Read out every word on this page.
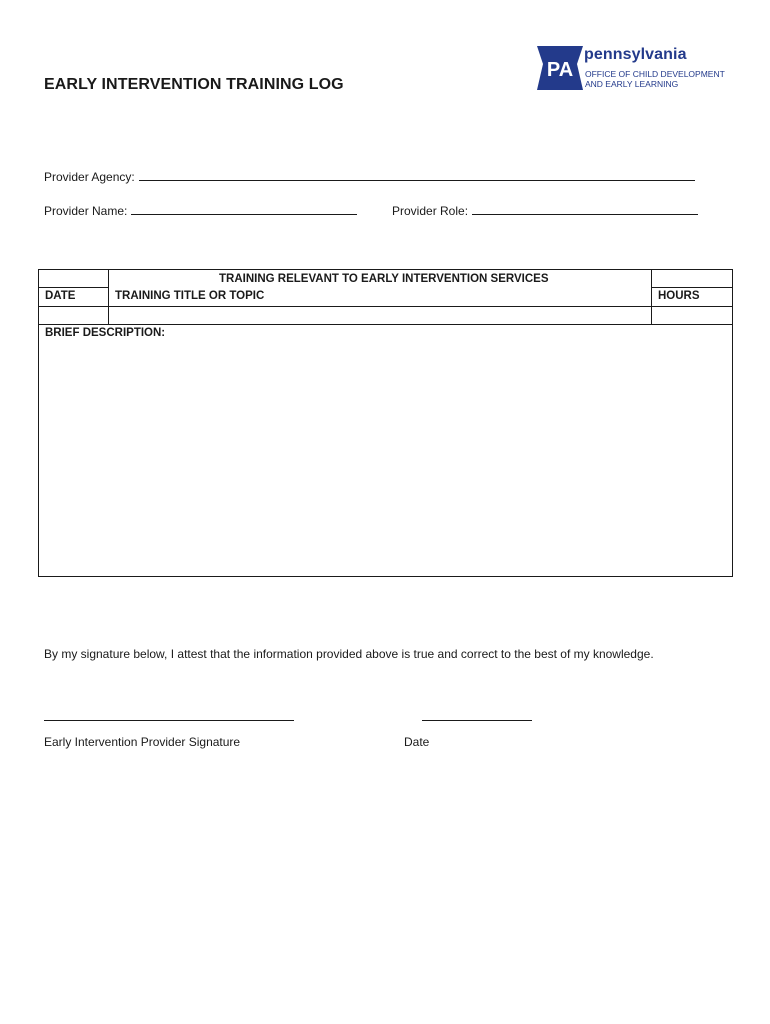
EARLY INTERVENTION TRAINING LOG
PA
pennsylvania
OFFICE OF CHILD DEVELOPMENT
AND EARLY LEARNING
Provider Agency:
Provider Name:	Provider Role:
TRAINING RELEVANT TO EARLY INTERVENTION SERVICES
DATE	TRAINING TITLE OR TOPIC	HOURS
BRIEF DESCRIPTION:
By my signature below, I attest that the information provided above is true and correct to the best of my knowledge.
Early Intervention Provider Signature	Date
